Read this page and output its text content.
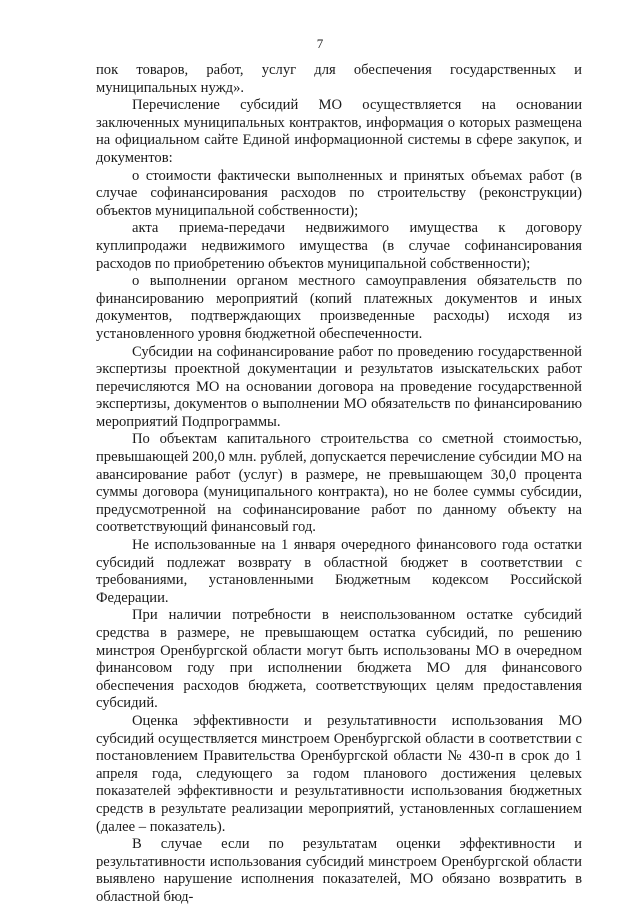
7

пок товаров, работ, услуг для обеспечения государственных и муниципальных нужд».

Перечисление субсидий МО осуществляется на основании заключенных муниципальных контрактов, информация о которых размещена на официальном сайте Единой информационной системы в сфере закупок, и документов:

о стоимости фактически выполненных и принятых объемах работ (в случае софинансирования расходов по строительству (реконструкции) объектов муниципальной собственности);

акта приема-передачи недвижимого имущества к договору куплипродажи недвижимого имущества (в случае софинансирования расходов по приобретению объектов муниципальной собственности);

о выполнении органом местного самоуправления обязательств по финансированию мероприятий (копий платежных документов и иных документов, подтверждающих произведенные расходы) исходя из установленного уровня бюджетной обеспеченности.

Субсидии на софинансирование работ по проведению государственной экспертизы проектной документации и результатов изыскательских работ перечисляются МО на основании договора на проведение государственной экспертизы, документов о выполнении МО обязательств по финансированию мероприятий Подпрограммы.

По объектам капитального строительства со сметной стоимостью, превышающей 200,0 млн. рублей, допускается перечисление субсидии МО на авансирование работ (услуг) в размере, не превышающем 30,0 процента суммы договора (муниципального контракта), но не более суммы субсидии, предусмотренной на софинансирование работ по данному объекту на соответствующий финансовый год.

Не использованные на 1 января очередного финансового года остатки субсидий подлежат возврату в областной бюджет в соответствии с требованиями, установленными Бюджетным кодексом Российской Федерации.

При наличии потребности в неиспользованном остатке субсидий средства в размере, не превышающем остатка субсидий, по решению минстроя Оренбургской области могут быть использованы МО в очередном финансовом году при исполнении бюджета МО для финансового обеспечения расходов бюджета, соответствующих целям предоставления субсидий.

Оценка эффективности и результативности использования МО субсидий осуществляется минстроем Оренбургской области в соответствии с постановлением Правительства Оренбургской области № 430-п в срок до 1 апреля года, следующего за годом планового достижения целевых показателей эффективности и результативности использования бюджетных средств в результате реализации мероприятий, установленных соглашением (далее – показатель).

В случае если по результатам оценки эффективности и результативности использования субсидий минстроем Оренбургской области выявлено нарушение исполнения показателей, МО обязано возвратить в областной бюд-
